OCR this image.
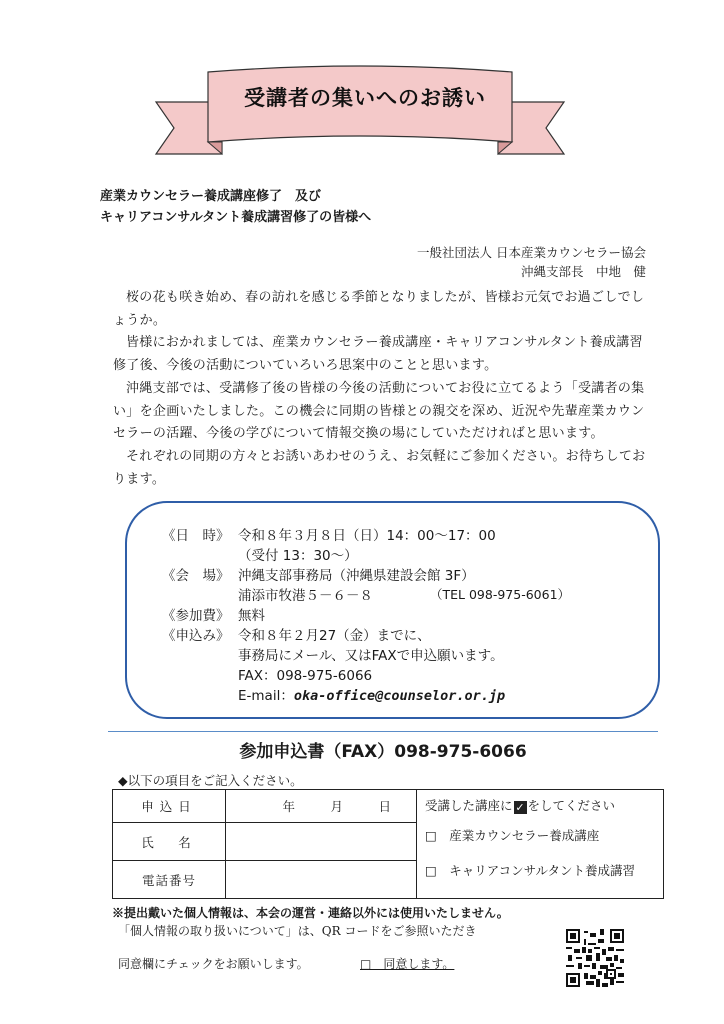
受講者の集いへのお誘い
産業カウンセラー養成講座修了　及び
キャリアコンサルタント養成講習修了の皆様へ
一般社団法人 日本産業カウンセラー協会
沖縄支部長　中地　健

桜の花も咲き始め、春の訪れを感じる季節となりましたが、皆様お元気でお過ごしでしょうか。

皆様におかれましては、産業カウンセラー養成講座・キャリアコンサルタント養成講習修了後、今後の活動についていろいろ思案中のことと思います。

沖縄支部では、受講修了後の皆様の今後の活動についてお役に立てるよう「受講者の集い」を企画いたしました。この機会に同期の皆様との親交を深め、近況や先輩産業カウンセラーの活躍、今後の学びについて情報交換の場にしていただければと思います。

それぞれの同期の方々とお誘いあわせのうえ、お気軽にご参加ください。お待ちしております。

《日　時》 令和８年３月８日（日）14：00～17：00
（受付 13：30～）
《会　場》 沖縄支部事務局（沖縄県建設会館 3F）
浦添市牧港５－６－８	（TEL 098-975-6061）
《参加費》 無料
《申込み》 令和８年２月27（金）までに、
事務局にメール、又はFAXで申込願います。
FAX：098-975-6066
E-mail：oka-office@counselor.or.jp
参加申込書（FAX）098-975-6066
◆以下の項目をご記入ください。
申込日	年 月 日	受講した講座に ✓ をしてください
□　産業カウンセラー養成講座
□　キャリアコンサルタント養成講習

氏　名		
電話番号		
※提出戴いた個人情報は、本会の運営・連絡以外には使用いたしません。
「個人情報の取り扱いについて」は、QR コードをご参照いただき
同意欄にチェックをお願いします。	□　同意します。
